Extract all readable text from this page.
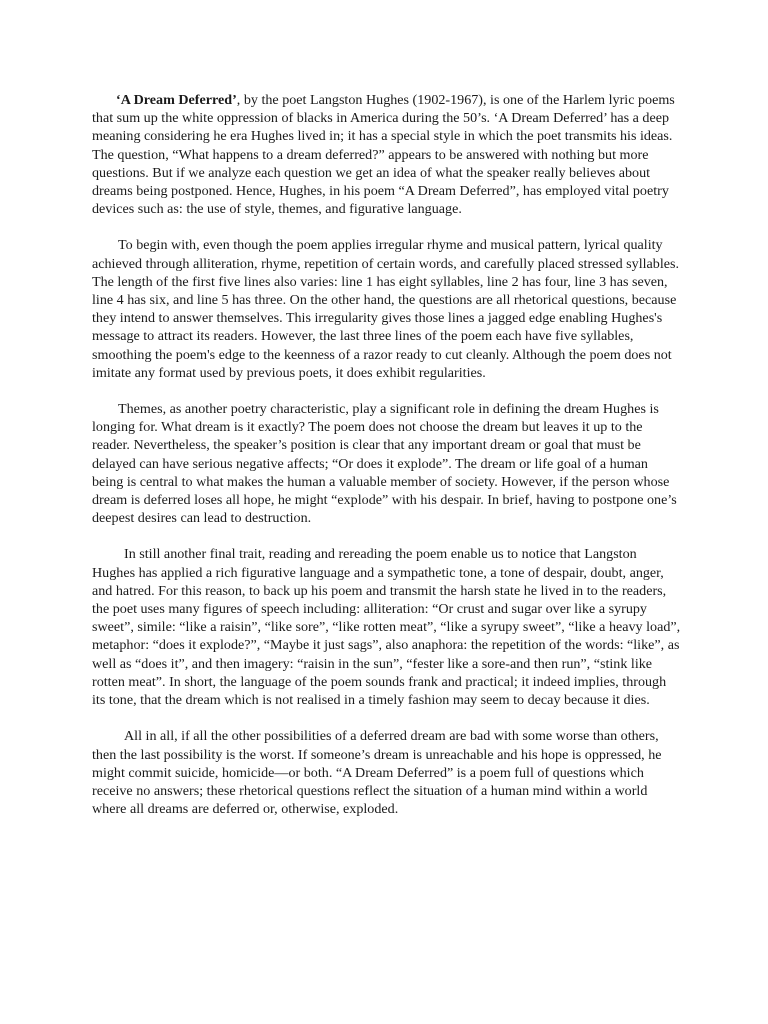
‘A Dream Deferred’, by the poet Langston Hughes (1902-1967), is one of the Harlem lyric poems that sum up the white oppression of blacks in America during the 50’s. ‘A Dream Deferred’ has a deep meaning considering he era Hughes lived in; it has a special style in which the poet transmits his ideas. The question, “What happens to a dream deferred?” appears to be answered with nothing but more questions. But if we analyze each question we get an idea of what the speaker really believes about dreams being postponed. Hence, Hughes, in his poem “A Dream Deferred”, has employed vital poetry devices such as: the use of style, themes, and figurative language.

To begin with, even though the poem applies irregular rhyme and musical pattern, lyrical quality achieved through alliteration, rhyme, repetition of certain words, and carefully placed stressed syllables. The length of the first five lines also varies: line 1 has eight syllables, line 2 has four, line 3 has seven, line 4 has six, and line 5 has three. On the other hand, the questions are all rhetorical questions, because they intend to answer themselves. This irregularity gives those lines a jagged edge enabling Hughes's message to attract its readers. However, the last three lines of the poem each have five syllables, smoothing the poem's edge to the keenness of a razor ready to cut cleanly. Although the poem does not imitate any format used by previous poets, it does exhibit regularities.

Themes, as another poetry characteristic, play a significant role in defining the dream Hughes is longing for. What dream is it exactly? The poem does not choose the dream but leaves it up to the reader. Nevertheless, the speaker’s position is clear that any important dream or goal that must be delayed can have serious negative affects; “Or does it explode”. The dream or life goal of a human being is central to what makes the human a valuable member of society. However, if the person whose dream is deferred loses all hope, he might “explode” with his despair. In brief, having to postpone one’s deepest desires can lead to destruction.

In still another final trait, reading and rereading the poem enable us to notice that Langston Hughes has applied a rich figurative language and a sympathetic tone, a tone of despair, doubt, anger, and hatred. For this reason, to back up his poem and transmit the harsh state he lived in to the readers, the poet uses many figures of speech including: alliteration: “Or crust and sugar over like a syrupy sweet”, simile: “like a raisin”, “like sore”, “like rotten meat”, “like a syrupy sweet”, “like a heavy load”, metaphor: “does it explode?”, “Maybe it just sags”, also anaphora: the repetition of the words: “like”, as well as “does it”, and then imagery: “raisin in the sun”, “fester like a sore-and then run”, “stink like rotten meat”. In short, the language of the poem sounds frank and practical; it indeed implies, through its tone, that the dream which is not realised in a timely fashion may seem to decay because it dies.

All in all, if all the other possibilities of a deferred dream are bad with some worse than others, then the last possibility is the worst. If someone’s dream is unreachable and his hope is oppressed, he might commit suicide, homicide—or both. “A Dream Deferred” is a poem full of questions which receive no answers; these rhetorical questions reflect the situation of a human mind within a world where all dreams are deferred or, otherwise, exploded.
